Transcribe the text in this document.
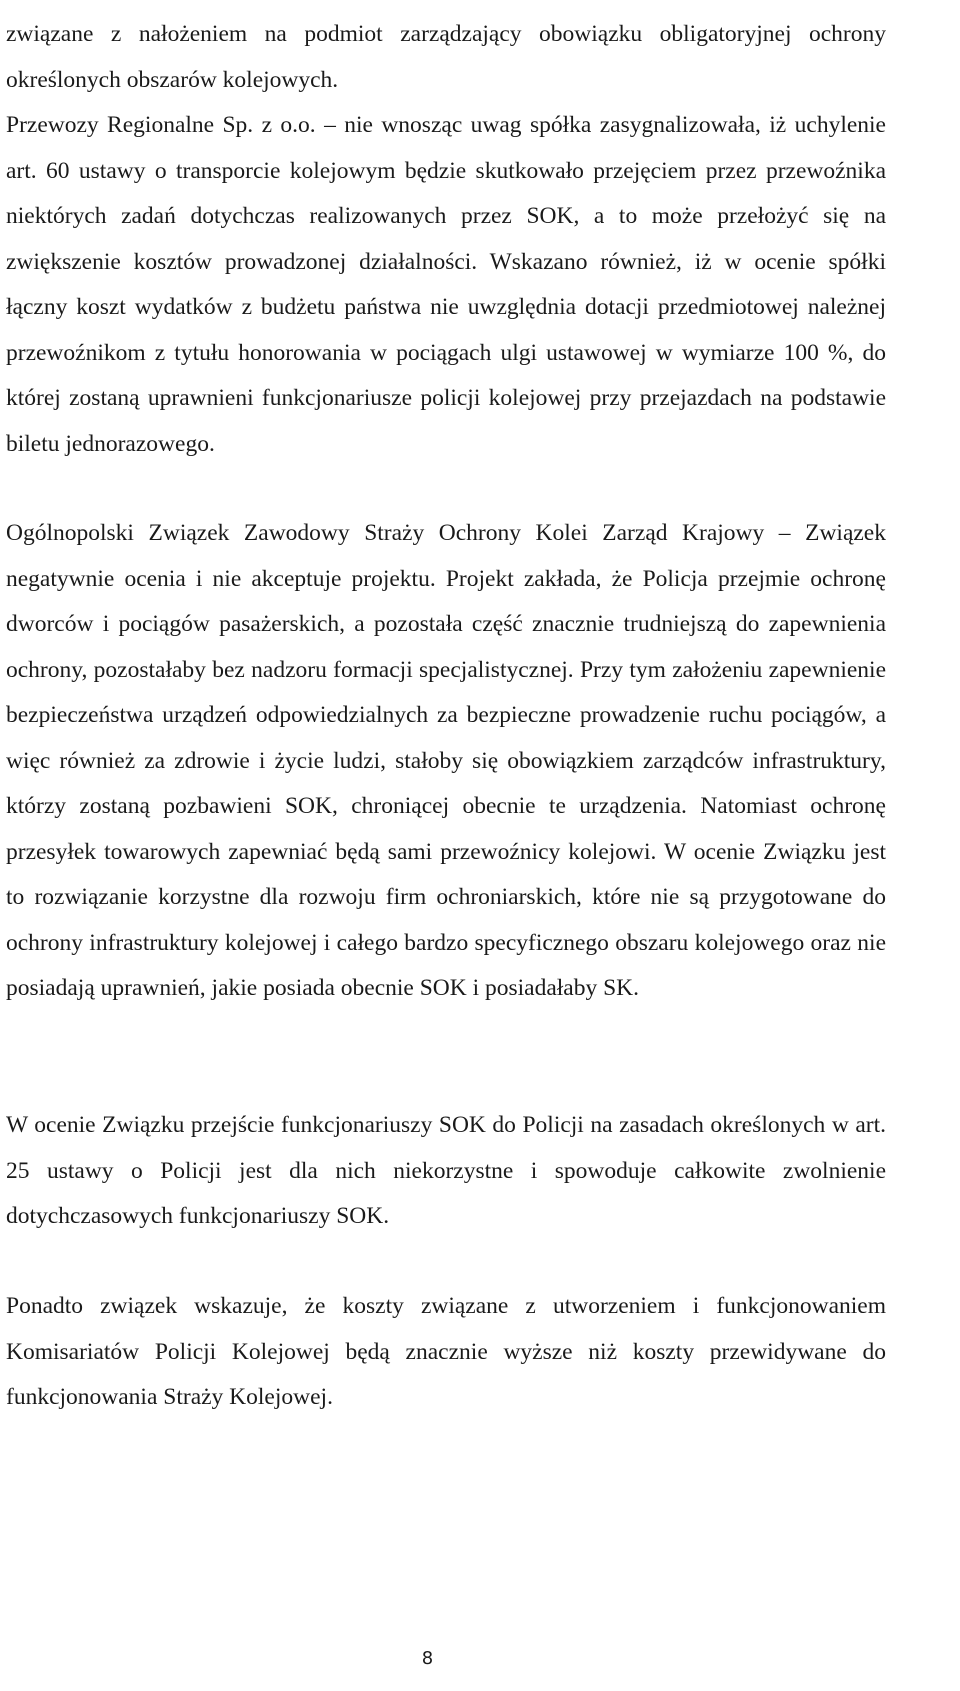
związane z nałożeniem na podmiot zarządzający obowiązku obligatoryjnej ochrony określonych obszarów kolejowych.

Przewozy Regionalne Sp. z o.o. – nie wnosząc uwag spółka zasygnalizowała, iż uchylenie art. 60 ustawy o transporcie kolejowym będzie skutkowało przejęciem przez przewoźnika niektórych zadań dotychczas realizowanych przez SOK, a to może przełożyć się na zwiększenie kosztów prowadzonej działalności. Wskazano również, iż w ocenie spółki łączny koszt wydatków z budżetu państwa nie uwzględnia dotacji przedmiotowej należnej przewoźnikom z tytułu honorowania w pociągach ulgi ustawowej w wymiarze 100 %, do której zostaną uprawnieni funkcjonariusze policji kolejowej przy przejazdach na podstawie biletu jednorazowego.

Ogólnopolski Związek Zawodowy Straży Ochrony Kolei Zarząd Krajowy – Związek negatywnie ocenia i nie akceptuje projektu. Projekt zakłada, że Policja przejmie ochronę dworców i pociągów pasażerskich, a pozostała część znacznie trudniejszą do zapewnienia ochrony, pozostałaby bez nadzoru formacji specjalistycznej. Przy tym założeniu zapewnienie bezpieczeństwa urządzeń odpowiedzialnych za bezpieczne prowadzenie ruchu pociągów, a więc również za zdrowie i życie ludzi, stałoby się obowiązkiem zarządców infrastruktury, którzy zostaną pozbawieni SOK, chroniącej obecnie te urządzenia. Natomiast ochronę przesyłek towarowych zapewniać będą sami przewoźnicy kolejowi. W ocenie Związku jest to rozwiązanie korzystne dla rozwoju firm ochroniarskich, które nie są przygotowane do ochrony infrastruktury kolejowej i całego bardzo specyficznego obszaru kolejowego oraz nie posiadają uprawnień, jakie posiada obecnie SOK i posiadałaby SK.

W ocenie Związku przejście funkcjonariuszy SOK do Policji na zasadach określonych w art. 25 ustawy o Policji jest dla nich niekorzystne i spowoduje całkowite zwolnienie dotychczasowych funkcjonariuszy SOK.

Ponadto związek wskazuje, że koszty związane z utworzeniem i funkcjonowaniem Komisariatów Policji Kolejowej będą znacznie wyższe niż koszty przewidywane do funkcjonowania Straży Kolejowej.

8
